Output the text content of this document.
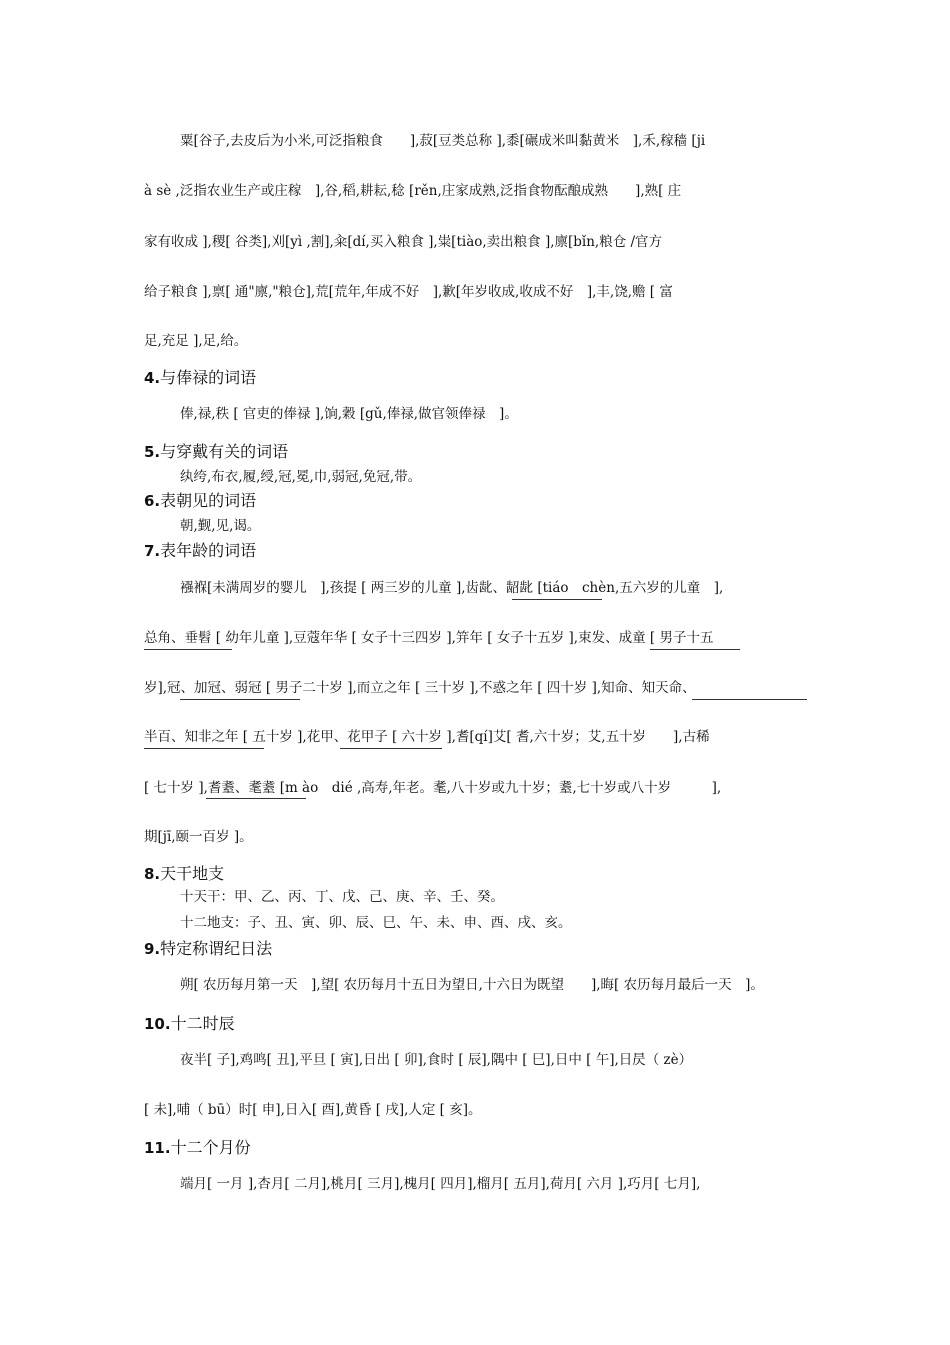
粟[谷子,去皮后为小米,可泛指粮食　　],菽[豆类总称 ],黍[碾成米叫黏黄米　],禾,稼穑 [ji
à sè ,泛指农业生产或庄稼　],谷,稻,耕耘,稔 [rěn,庄家成熟,泛指食物酝酿成熟　　],熟[ 庄
家有收成 ],稷[ 谷类],刈[yì ,割],籴[dí,买入粮食 ],粜[tiào,卖出粮食 ],廪[bǐn,粮仓 /官方
给子粮食 ],禀[ 通"廪,"粮仓],荒[荒年,年成不好　],歉[年岁收成,收成不好　],丰,饶,赡 [ 富
足,充足 ],足,给。
4.与俸禄的词语
俸,禄,秩 [ 官吏的俸禄 ],饷,穀 [gǔ,俸禄,做官领俸禄　]。
5.与穿戴有关的词语
纨绔,布衣,履,绶,冠,冕,巾,弱冠,免冠,带。
6.表朝见的词语
朝,觐,见,谒。
7.表年龄的词语
襁褓[未满周岁的婴儿　],孩提 [ 两三岁的儿童 ],齿龀、龆龀 [tiáo　chèn,五六岁的儿童　],
总角、垂髫 [ 幼年儿童 ],豆蔻年华 [ 女子十三四岁 ],笄年 [ 女子十五岁 ],束发、成童 [ 男子十五
岁],冠、加冠、弱冠 [ 男子二十岁 ],而立之年 [ 三十岁 ],不惑之年 [ 四十岁 ],知命、知天命、
半百、知非之年 [ 五十岁 ],花甲、花甲子 [ 六十岁 ],耆[qí]艾[ 耆,六十岁；艾,五十岁　　],古稀
[ 七十岁 ],耆耋、耄耋 [m ào　dié ,高寿,年老。耄,八十岁或九十岁；耋,七十岁或八十岁　　　],
期[jī,颐一百岁 ]。
8.天干地支
十天干：甲、乙、丙、丁、戊、己、庚、辛、壬、癸。
十二地支：子、丑、寅、卯、辰、巳、午、未、申、酉、戌、亥。
9.特定称谓纪日法
朔[ 农历每月第一天　],望[ 农历每月十五日为望日,十六日为既望　　],晦[ 农历每月最后一天　]。
10.十二时辰
夜半[ 子],鸡鸣[ 丑],平旦 [ 寅],日出 [ 卯],食时 [ 辰],隅中 [ 巳],日中 [ 午],日昃（ zè）
[ 未],哺（ bū）时[ 申],日入[ 酉],黄昏 [ 戌],人定 [ 亥]。
11.十二个月份
端月[ 一月 ],杏月[ 二月],桃月[ 三月],槐月[ 四月],榴月[ 五月],荷月[ 六月 ],巧月[ 七月],
